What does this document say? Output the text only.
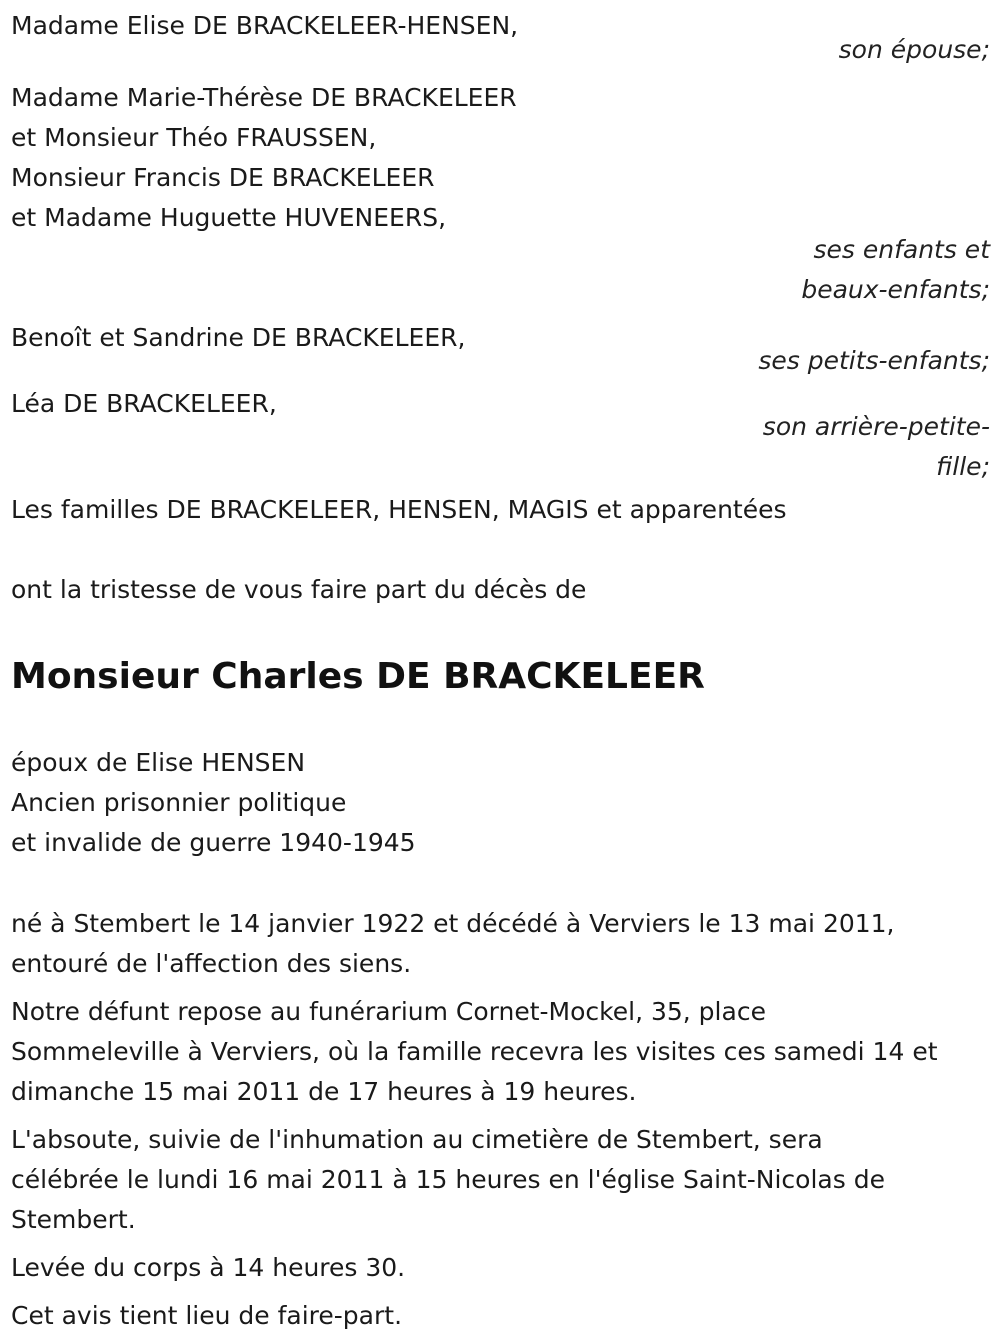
Madame Elise DE BRACKELEER-HENSEN,
son épouse;
Madame Marie-Thérèse DE BRACKELEER
et Monsieur Théo FRAUSSEN,
Monsieur Francis DE BRACKELEER
et Madame Huguette HUVENEERS,
ses enfants et
beaux-enfants;
Benoît et Sandrine DE BRACKELEER,
ses petits-enfants;
Léa DE BRACKELEER,
son arrière-petite-
fille;
Les familles DE BRACKELEER, HENSEN, MAGIS et apparentées
ont la tristesse de vous faire part du décès de
Monsieur Charles DE BRACKELEER
époux de Elise HENSEN
Ancien prisonnier politique
et invalide de guerre 1940-1945
né à Stembert le 14 janvier 1922 et décédé à Verviers le 13 mai 2011,
entouré de l'affection des siens.
Notre défunt repose au funérarium Cornet-Mockel, 35, place
Sommeleville à Verviers, où la famille recevra les visites ces samedi 14 et
dimanche 15 mai 2011 de 17 heures à 19 heures.
L'absoute, suivie de l'inhumation au cimetière de Stembert, sera
célébrée le lundi 16 mai 2011 à 15 heures en l'église Saint-Nicolas de
Stembert.
Levée du corps à 14 heures 30.
Cet avis tient lieu de faire-part.
